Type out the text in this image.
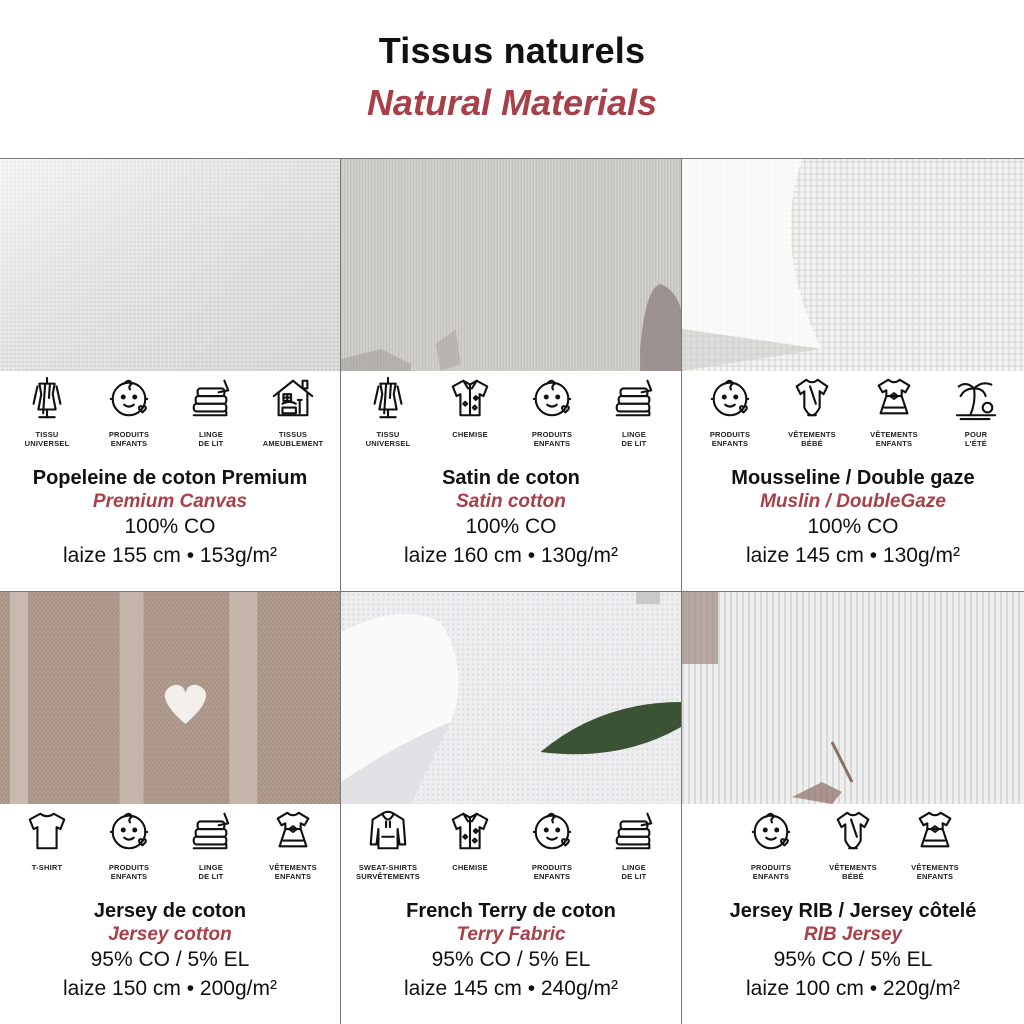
Tissus naturels
Natural Materials
TISSU
UNIVERSEL
PRODUITS
ENFANTS
LINGE
DE LIT
TISSUS
AMEUBLEMENT
Popeleine de coton Premium
Premium Canvas
100% CO
laize 155 cm • 153g/m²
TISSU
UNIVERSEL
CHEMISE	PRODUITS
ENFANTS
LINGE
DE LIT
Satin de coton
Satin cotton
100% CO
laize 160 cm • 130g/m²
PRODUITS
ENFANTS
VÊTEMENTS
BÉBÉ
VÊTEMENTS
ENFANTS
POUR
L'ÉTÉ
Mousseline / Double gaze
Muslin / DoubleGaze
100% CO
laize 145 cm • 130g/m²
T-SHIRT	PRODUITS
ENFANTS
LINGE
DE LIT
VÊTEMENTS
ENFANTS
Jersey de coton
Jersey cotton
95% CO / 5% EL
laize 150 cm • 200g/m²
SWEAT-SHIRTS
SURVÊTEMENTS
CHEMISE	PRODUITS
ENFANTS
LINGE
DE LIT
French Terry de coton
Terry Fabric
95% CO / 5% EL
laize 145 cm • 240g/m²
PRODUITS
ENFANTS
VÊTEMENTS
BÉBÉ
VÊTEMENTS
ENFANTS
Jersey RIB / Jersey côtelé
RIB Jersey
95% CO / 5% EL
laize 100 cm • 220g/m²
